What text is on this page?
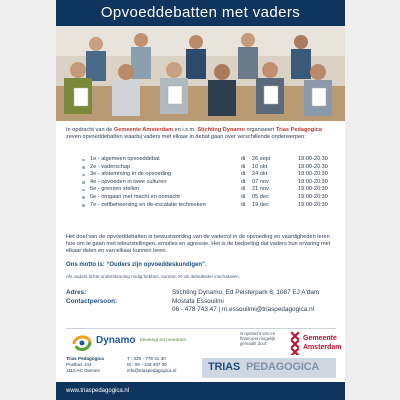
Opvoeddebatten met vaders
In opdracht van de Gemeente Amsterdam en i.s.m. Stichting Dynamo organiseert Trias Pedagogica zeven opvoeddebatten waarbij vaders met elkaar in debat gaan over verschillende onderwerpen:
1e - algemeen opvoeddebat	di 26 sept	19:00-20:30
2e - vaderschap	di 10 okt	19:00-20:30
3e - afstemming in de opvoeding	di 24 okt	19:00-20:30
4e - opvoeden in twee culturen	di 07 nov	19:00-20:30
5e - grenzen stellen	di 21 nov	19:00-20:30
6e - omgaan met macht en onmacht	di 05 dec	19:00-20:30
7e - zelfbeheersing en de-escalatie technieken	di 19 dec	19:00-20:30
Het doel van de opvoeddebatten is bewustwording van de vaderrol in de opvoeding en vaardigheden leren hoe om te gaan met teleurstellingen, emoties en agressie. Het is de bedoeling dat vaders hun ervaring met elkaar delen en van elkaar kunnen leren.
Ons motto is: “Ouders zijn opvoeddeskundigen”.
Als vaders lichte ondersteuning nodig hebben, kunnen ze de debatleider inschakelen.
Adres:	Stichting Dynamo, Ed Pelsterpark 8, 1087 EJ A'dam
Contactpersoon:	Mostafa Essouilmi
06 - 478 743 47 | m.essouilmi@triaspedagogica.nl
Dynamo beweegt tot meedoen
is opdracht van en financieel mogelijk gemaakt door:
Gemeente
Amsterdam
Trias Pedagogica
Postbus 144
1110 AC Diemen
T : 020 - 779 31 30
M : 06 - 148 487 30
info@triaspedagogica.nl	TRIAS PEDAGOGICA
www.triaspedagogica.nl
